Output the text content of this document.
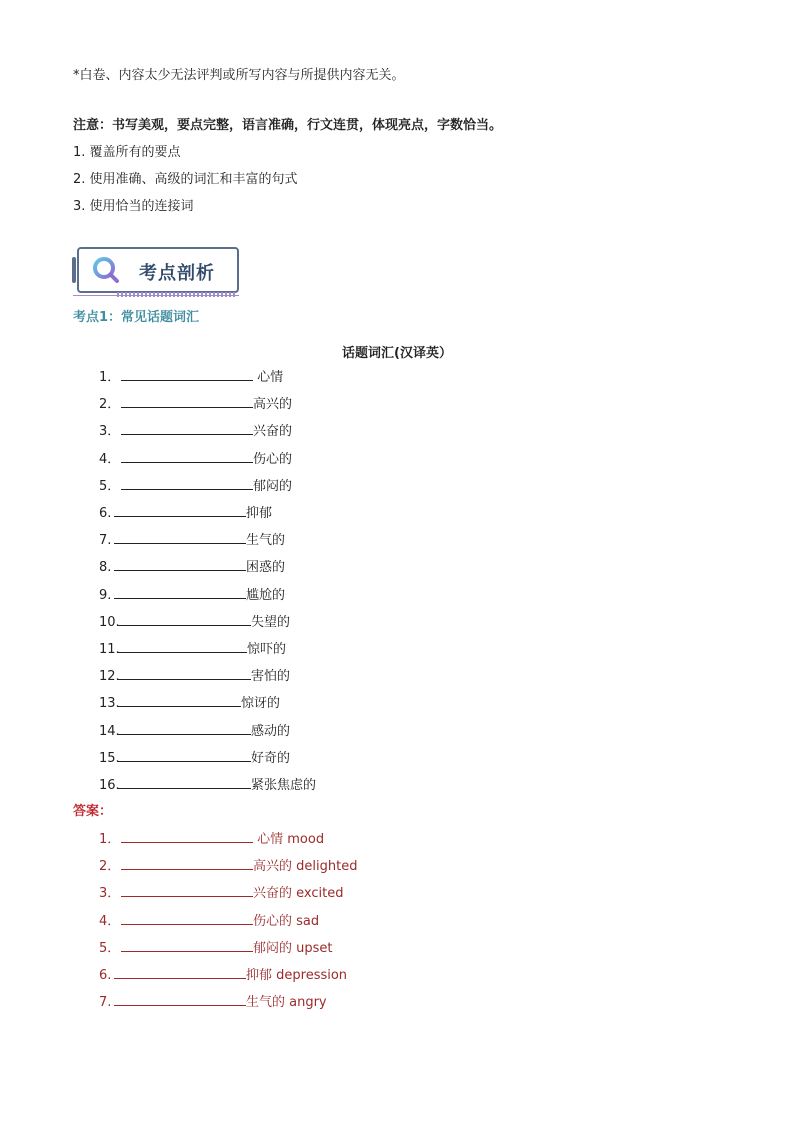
*白卷、内容太少无法评判或所写内容与所提供内容无关。
注意：书写美观，要点完整，语言准确，行文连贯，体现亮点，字数恰当。
1. 覆盖所有的要点
2. 使用准确、高级的词汇和丰富的句式
3. 使用恰当的连接词
考点剖析
考点1：常见话题词汇
话题词汇(汉译英）
1．	心情
2．	高兴的
3．	兴奋的
4．	伤心的
5．	郁闷的
6.	抑郁
7.	生气的
8.	困惑的
9.	尴尬的
10.	失望的
11.	惊吓的
12.	害怕的
13.	惊讶的
14.	感动的
15.	好奇的
16.	紧张焦虑的
答案：
1．	心情 mood
2．	高兴的 delighted
3．	兴奋的 excited
4．	伤心的 sad
5．	郁闷的 upset
6.	抑郁 depression
7.	生气的 angry
